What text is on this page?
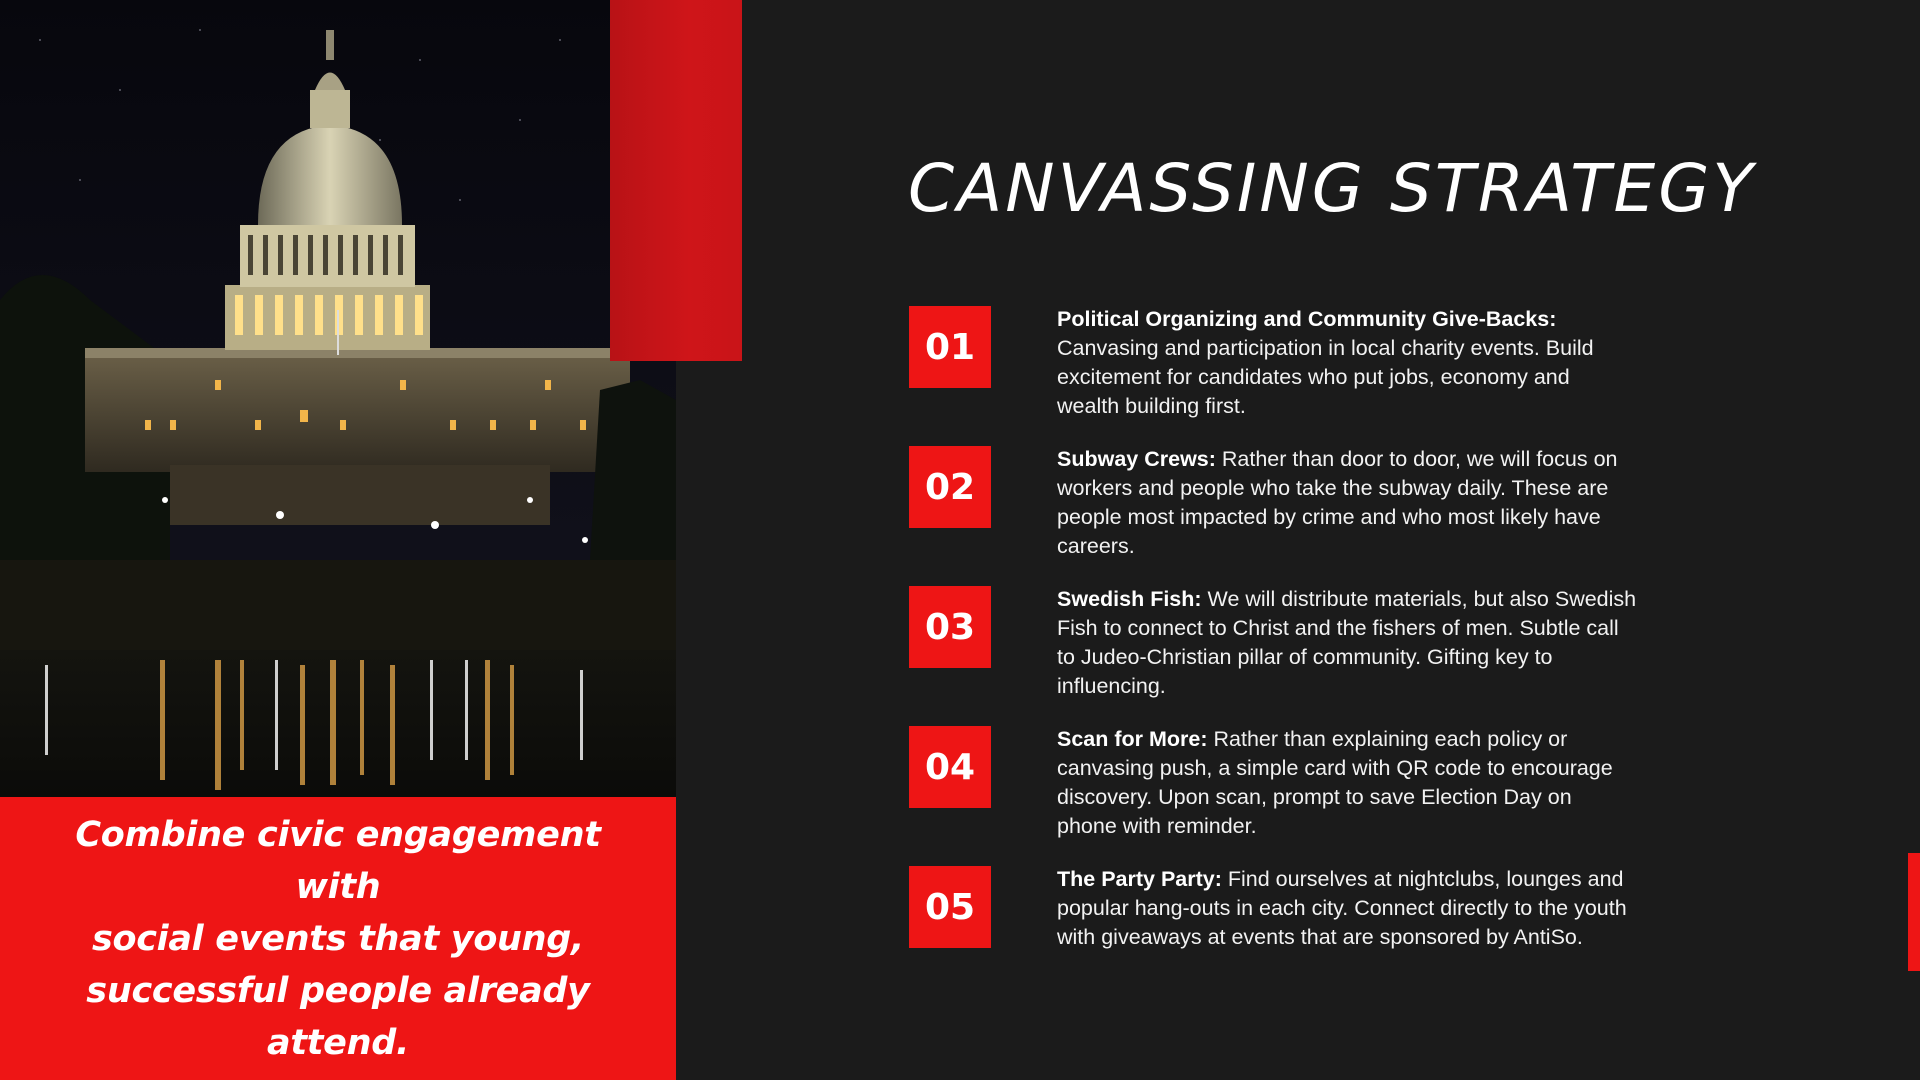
Combine civic engagement with
social events that young,
successful people already attend.

CANVASSING STRATEGY
01

Political Organizing and Community Give-Backs: Canvasing and participation in local charity events. Build excitement for candidates who put jobs, economy and wealth building first.

02

Subway Crews: Rather than door to door, we will focus on workers and people who take the subway daily. These are people most impacted by crime and who most likely have careers.

03

Swedish Fish: We will distribute materials, but also Swedish Fish to connect to Christ and the fishers of men. Subtle call to Judeo-Christian pillar of community. Gifting key to influencing.

04

Scan for More: Rather than explaining each policy or canvasing push, a simple card with QR code to encourage discovery. Upon scan, prompt to save Election Day on phone with reminder.

05

The Party Party: Find ourselves at nightclubs, lounges and popular hang-outs in each city. Connect directly to the youth with giveaways at events that are sponsored by AntiSo.
